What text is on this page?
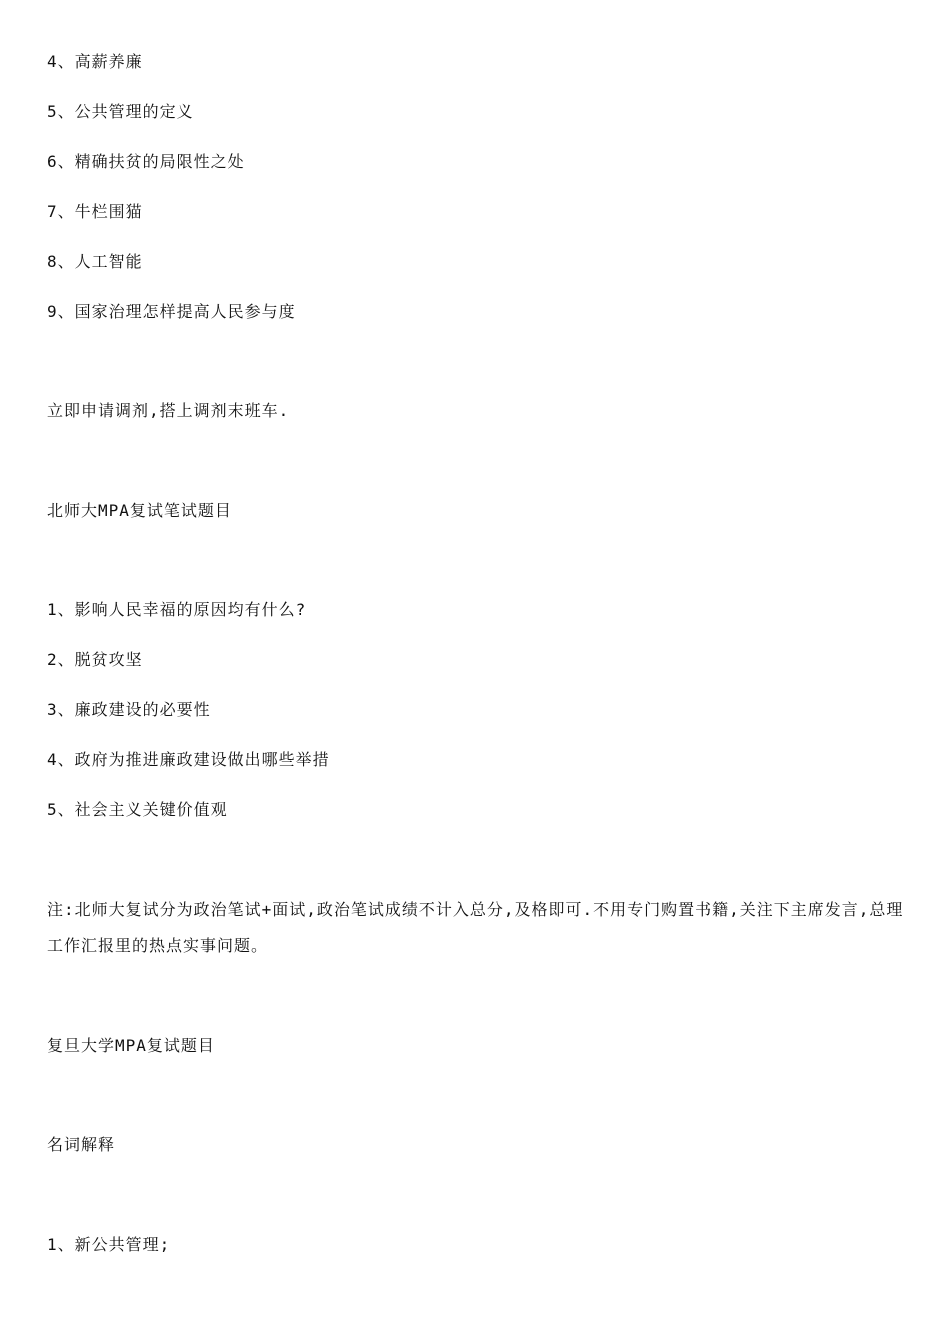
4、高薪养廉
5、公共管理的定义
6、精确扶贫的局限性之处
7、牛栏围猫
8、人工智能
9、国家治理怎样提高人民参与度
立即申请调剂,搭上调剂末班车.
北师大MPA复试笔试题目
1、影响人民幸福的原因均有什么?
2、脱贫攻坚
3、廉政建设的必要性
4、政府为推进廉政建设做出哪些举措
5、社会主义关键价值观
注:北师大复试分为政治笔试+面试,政治笔试成绩不计入总分,及格即可.不用专门购置书籍,关注下主席发言,总理工作汇报里的热点实事问题。
复旦大学MPA复试题目
名词解释
1、新公共管理;
